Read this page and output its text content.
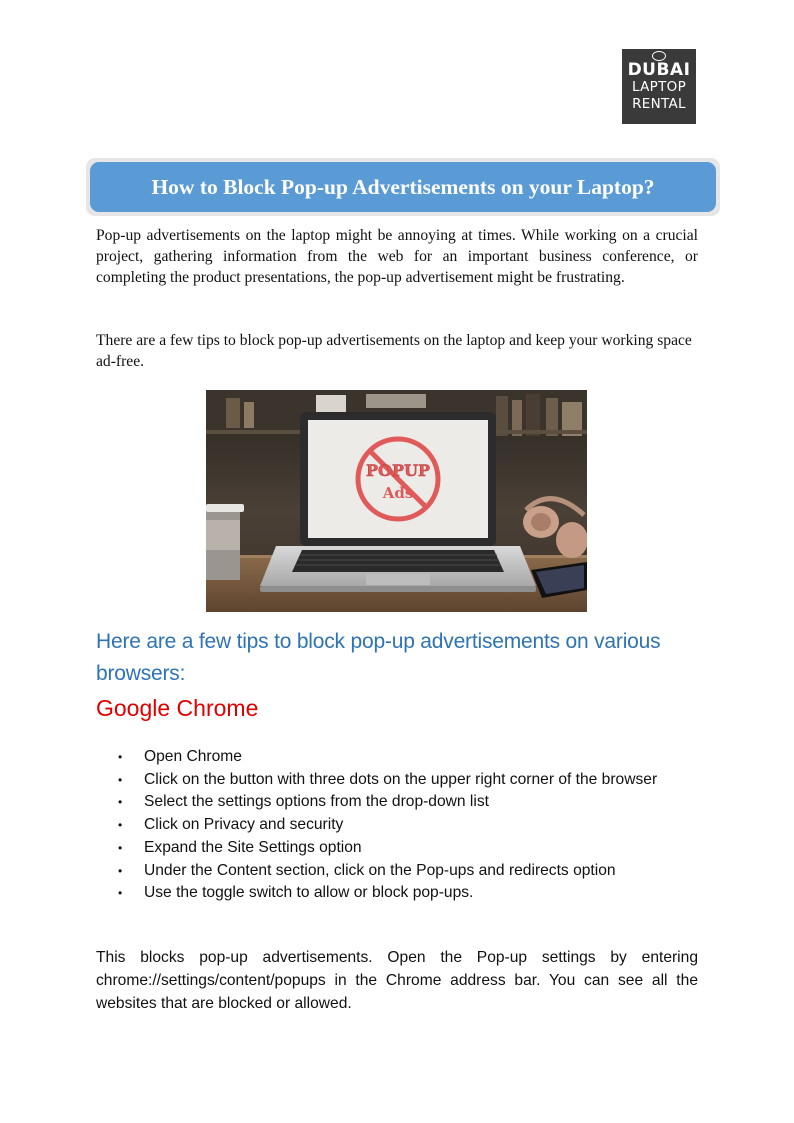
DUBAI
LAPTOP
RENTAL
How to Block Pop-up Advertisements on your Laptop?

Pop-up advertisements on the laptop might be annoying at times. While working on a crucial project, gathering information from the web for an important business conference, or completing the product presentations, the pop-up advertisement might be frustrating.

There are a few tips to block pop-up advertisements on the laptop and keep your working space ad-free.

POPUP
Ads
Here are a few tips to block pop-up advertisements on various browsers:
Google Chrome
• Open Chrome
• Click on the button with three dots on the upper right corner of the browser
• Select the settings options from the drop-down list
• Click on Privacy and security
• Expand the Site Settings option
• Under the Content section, click on the Pop-ups and redirects option
• Use the toggle switch to allow or block pop-ups.

This blocks pop-up advertisements. Open the Pop-up settings by entering chrome://settings/content/popups in the Chrome address bar. You can see all the websites that are blocked or allowed.
